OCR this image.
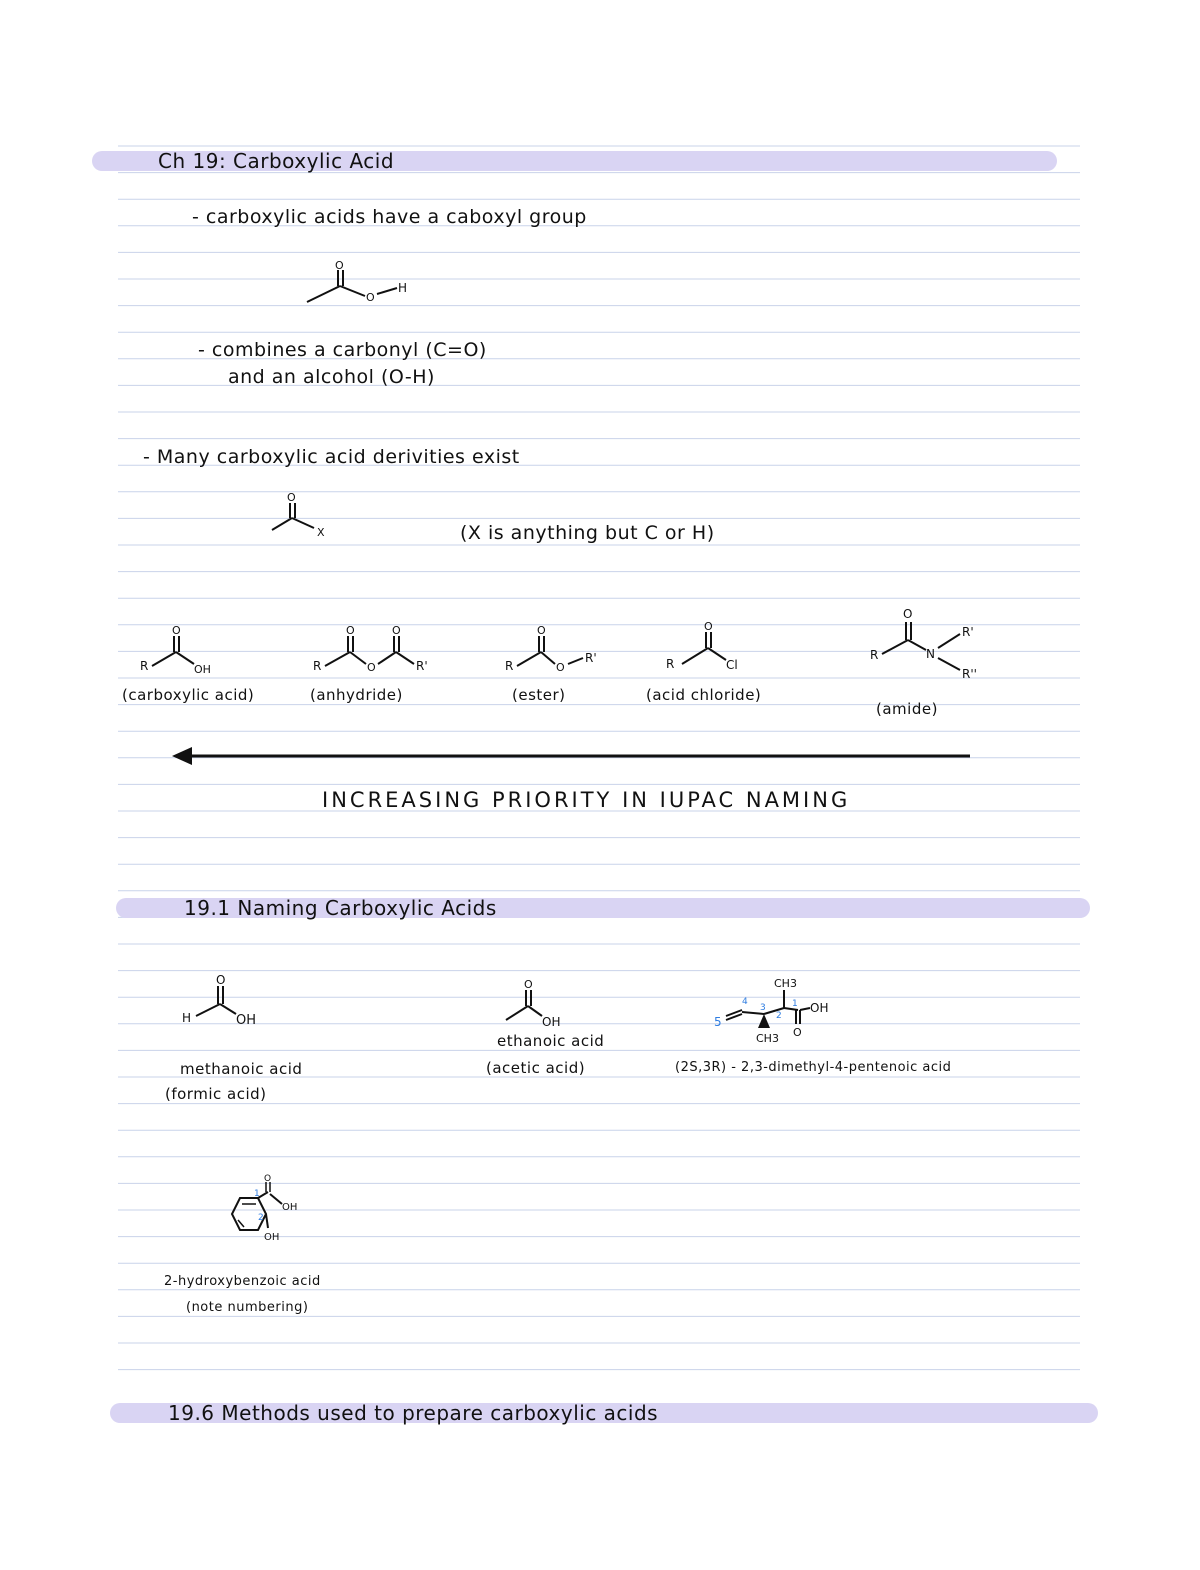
Ch 19: Carboxylic Acid
- carboxylic acids have a caboxyl group
O
O
H
- combines a carbonyl (C=O)
and an alcohol (O-H)
- Many carboxylic acid derivities exist
O
X	(X is anything but C or H)
R
O
OH
(carboxylic acid)
R
O
O
O
R'
(anhydride)
R
O
O
R'
(ester)
R
O
Cl
(acid chloride)
R
O
N
R'
R''
(amide)
INCREASING PRIORITY IN IUPAC NAMING
19.1 Naming Carboxylic Acids
H
O
OH
methanoic acid
(formic acid)
O
OH
ethanoic acid
(acetic acid)
5
4
3
2
CH3
1
O
OH
CH3
(2S,3R) - 2,3-dimethyl-4-pentenoic acid
O
OH
OH
1
2
2-hydroxybenzoic acid
(note numbering)
19.6 Methods used to prepare carboxylic acids
